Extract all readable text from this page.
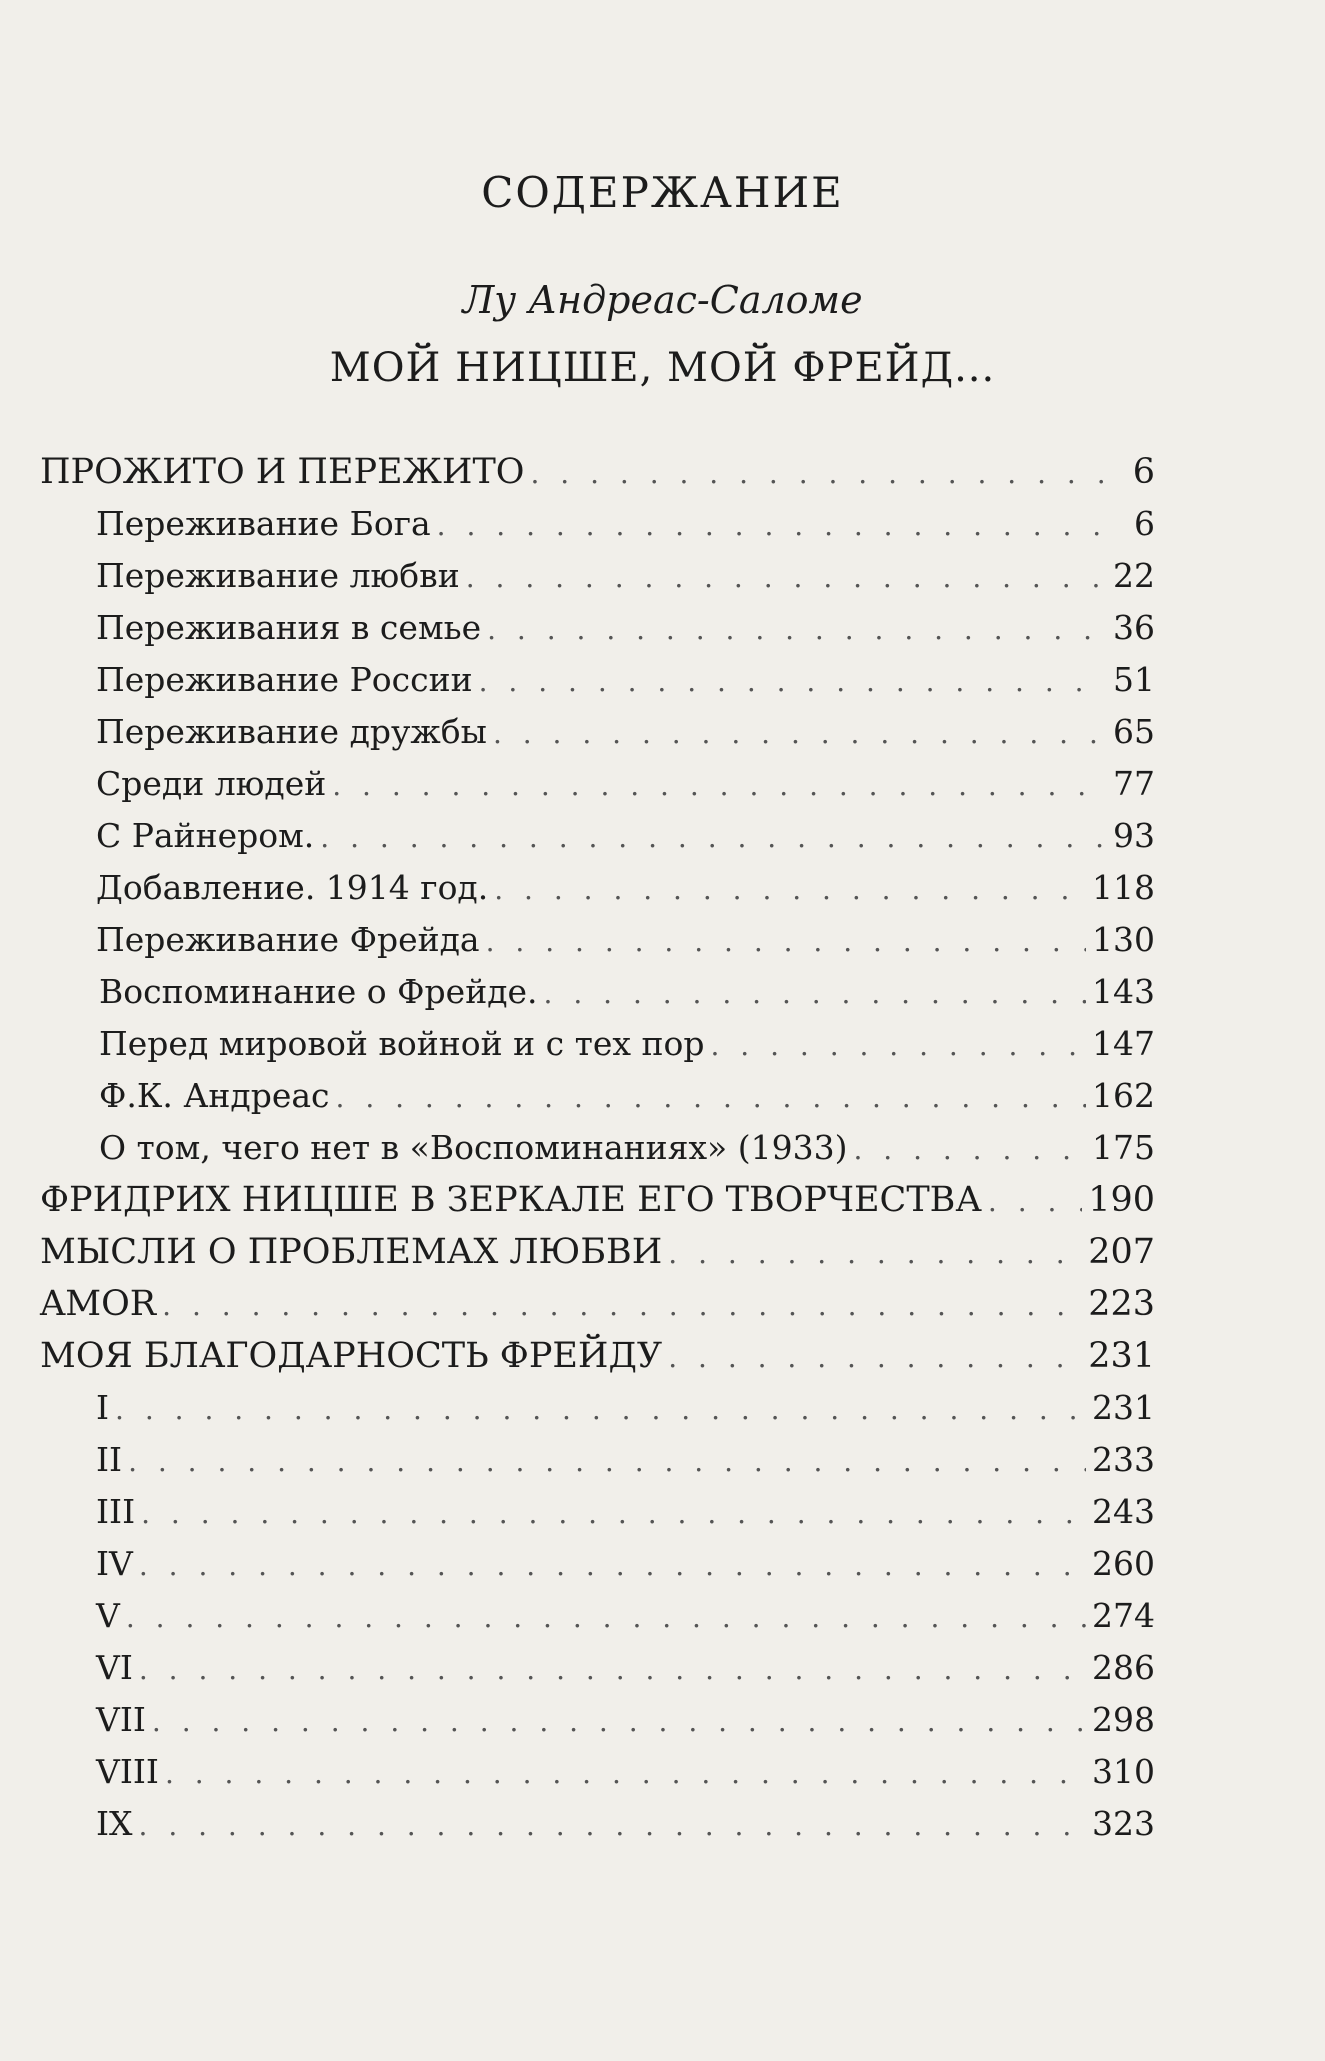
СОДЕРЖАНИЕ
Лу Андреас-Саломе
МОЙ НИЦШЕ, МОЙ ФРЕЙД...
ПРОЖИТО И ПЕРЕЖИТО . . .	6
Переживание Бога . . .	6
Переживание любви . . .	22
Переживания в семье . . .	36
Переживание России . . .	51
Переживание дружбы . . .	65
Среди людей . . .	77
С Райнером. . . .	93
Добавление. 1914 год. . . .	118
Переживание Фрейда . . .	130
Воспоминание о Фрейде. . . .	143
Перед мировой войной и с тех пор . . .	147
Ф.К. Андреас . . .	162
О том, чего нет в «Воспоминаниях» (1933) . . .	175
ФРИДРИХ НИЦШЕ В ЗЕРКАЛЕ ЕГО ТВОРЧЕСТВА . . .	190
МЫСЛИ О ПРОБЛЕМАХ ЛЮБВИ . . .	207
AMOR . . .	223
МОЯ БЛАГОДАРНОСТЬ ФРЕЙДУ . . .	231
I . . .	231
II . . .	233
III . . .	243
IV . . .	260
V . . .	274
VI . . .	286
VII . . .	298
VIII . . .	310
IX . . .	323
